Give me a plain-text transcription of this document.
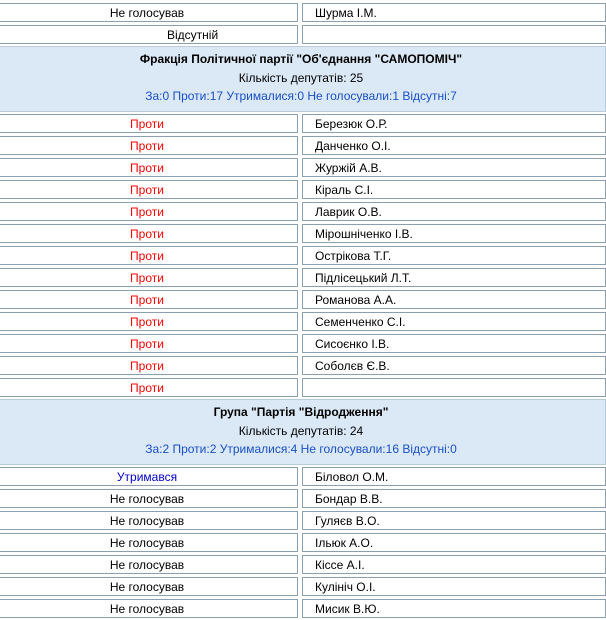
Не голосував	Шурма І.М.
Відсутній
Фракція Політичної партії "Об'єднання "САМОПОМІЧ"
Кількість депутатів: 25
За:0 Проти:17 Утрималися:0 Не голосували:1 Відсутні:7
Проти	Березюк О.Р.
Проти	Данченко О.І.
Проти	Журжій А.В.
Проти	Кіраль С.І.
Проти	Лаврик О.В.
Проти	Мірошніченко І.В.
Проти	Острікова Т.Г.
Проти	Підлісецький Л.Т.
Проти	Романова А.А.
Проти	Семенченко С.І.
Проти	Сисоєнко І.В.
Проти	Соболєв Є.В.
Проти
Група "Партія "Відродження"
Кількість депутатів: 24
За:2 Проти:2 Утрималися:4 Не голосували:16 Відсутні:0
Утримався	Біловол О.М.
Не голосував	Бондар В.В.
Не голосував	Гуляєв В.О.
Не голосував	Ільюк А.О.
Не голосував	Кіссе А.І.
Не голосував	Кулініч О.І.
Не голосував	Мисик В.Ю.
